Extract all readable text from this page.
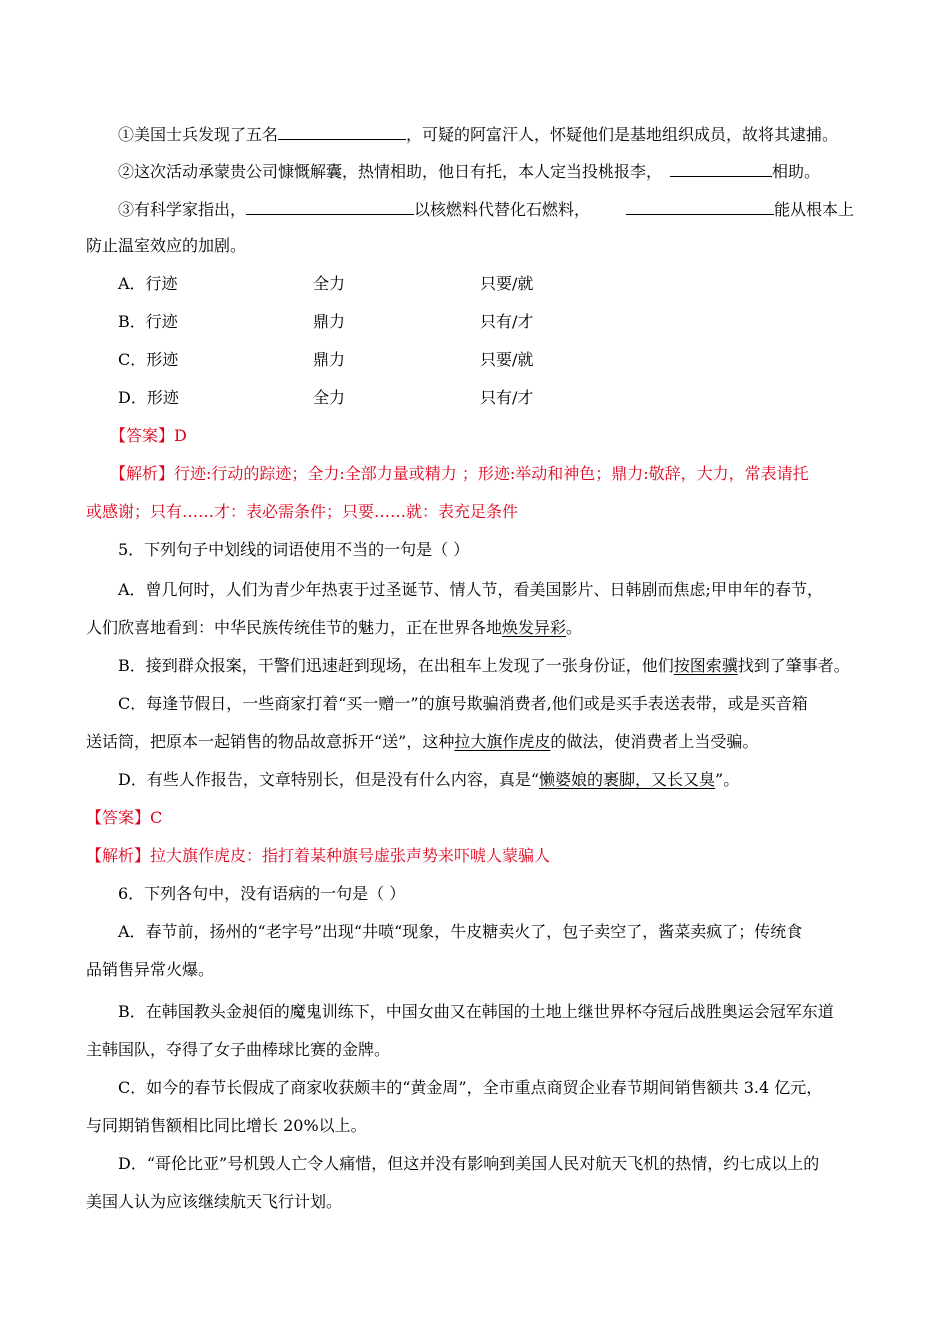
①美国士兵发现了五名	，可疑的阿富汗人，怀疑他们是基地组织成员，故将其逮捕。
②这次活动承蒙贵公司慷慨解囊，热情相助，他日有托，本人定当投桃报李，	相助。
③有科学家指出，	以核燃料代替化石燃料，	能从根本上
防止温室效应的加剧。
A．行迹	全力	只要/就
B．行迹	鼎力	只有/才
C．形迹	鼎力	只要/就
D．形迹	全力	只有/才
【答案】D
【解析】行迹:行动的踪迹；全力:全部力量或精力 ；形迹:举动和神色；鼎力:敬辞，大力，常表请托
或感谢；只有……才：表必需条件；只要……就：表充足条件
5．下列句子中划线的词语使用不当的一句是（ ）
A．曾几何时，人们为青少年热衷于过圣诞节、情人节，看美国影片、日韩剧而焦虑;甲申年的春节，
人们欣喜地看到：中华民族传统佳节的魅力，正在世界各地焕发异彩。
B．接到群众报案，干警们迅速赶到现场，在出租车上发现了一张身份证，他们按图索骥找到了肇事者。
C．每逢节假日，一些商家打着“买一赠一”的旗号欺骗消费者,他们或是买手表送表带，或是买音箱
送话筒，把原本一起销售的物品故意拆开“送”，这种拉大旗作虎皮的做法，使消费者上当受骗。
D．有些人作报告，文章特别长，但是没有什么内容，真是“懒婆娘的裹脚，又长又臭”。
【答案】C
【解析】拉大旗作虎皮：指打着某种旗号虚张声势来吓唬人蒙骗人
6．下列各句中，没有语病的一句是（ ）
A．春节前，扬州的“老字号”出现“井喷“现象，牛皮糖卖火了，包子卖空了，酱菜卖疯了；传统食
品销售异常火爆。
B．在韩国教头金昶佰的魔鬼训练下，中国女曲又在韩国的土地上继世界杯夺冠后战胜奥运会冠军东道
主韩国队，夺得了女子曲棒球比赛的金牌。
C．如今的春节长假成了商家收获颇丰的“黄金周”，全市重点商贸企业春节期间销售额共 3.4 亿元，
与同期销售额相比同比增长 20%以上。
D．“哥伦比亚”号机毁人亡令人痛惜，但这并没有影响到美国人民对航天飞机的热情，约七成以上的
美国人认为应该继续航天飞行计划。
